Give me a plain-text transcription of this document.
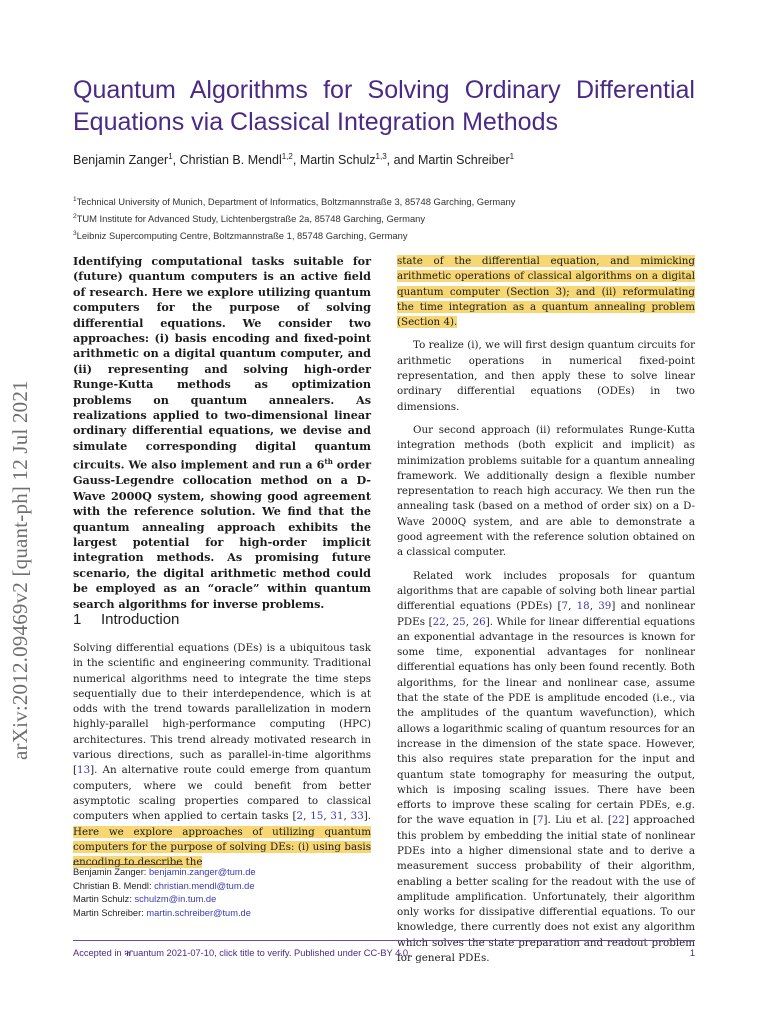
arXiv:2012.09469v2 [quant-ph] 12 Jul 2021
Quantum Algorithms for Solving Ordinary Differential Equations via Classical Integration Methods
Benjamin Zanger$^1$, Christian B. Mendl$^{1,2}$, Martin Schulz$^{1,3}$, and Martin Schreiber$^1$
$^1$Technical University of Munich, Department of Informatics, Boltzmannstraße 3, 85748 Garching, Germany
$^2$TUM Institute for Advanced Study, Lichtenbergstraße 2a, 85748 Garching, Germany
$^3$Leibniz Supercomputing Centre, Boltzmannstraße 1, 85748 Garching, Germany
Identifying computational tasks suitable for (future) quantum computers is an active field of research. Here we explore utilizing quantum computers for the purpose of solving differential equations. We consider two approaches: (i) basis encoding and fixed-point arithmetic on a digital quantum computer, and (ii) representing and solving high-order Runge-Kutta methods as optimization problems on quantum annealers. As realizations applied to two-dimensional linear ordinary differential equations, we devise and simulate corresponding digital quantum circuits. We also implement and run a 6th order Gauss-Legendre collocation method on a D-Wave 2000Q system, showing good agreement with the reference solution. We find that the quantum annealing approach exhibits the largest potential for high-order implicit integration methods. As promising future scenario, the digital arithmetic method could be employed as an “oracle” within quantum search algorithms for inverse problems.
1 Introduction
Solving differential equations (DEs) is a ubiquitous task in the scientific and engineering community. Traditional numerical algorithms need to integrate the time steps sequentially due to their interdependence, which is at odds with the trend towards parallelization in modern highly-parallel high-performance computing (HPC) architectures. This trend already motivated research in various directions, such as parallel-in-time algorithms [13]. An alternative route could emerge from quantum computers, where we could benefit from better asymptotic scaling properties compared to classical computers when applied to certain tasks [2, 15, 31, 33]. Here we explore approaches of utilizing quantum computers for the purpose of solving DEs: (i) using basis encoding to describe the
Benjamin Zanger: benjamin.zanger@tum.de
Christian B. Mendl: christian.mendl@tum.de
Martin Schulz: schulzm@in.tum.de
Martin Schreiber: martin.schreiber@tum.de

state of the differential equation, and mimicking arithmetic operations of classical algorithms on a digital quantum computer (Section 3); and (ii) reformulating the time integration as a quantum annealing problem (Section 4).

To realize (i), we will first design quantum circuits for arithmetic operations in numerical fixed-point representation, and then apply these to solve linear ordinary differential equations (ODEs) in two dimensions.

Our second approach (ii) reformulates Runge-Kutta integration methods (both explicit and implicit) as minimization problems suitable for a quantum annealing framework. We additionally design a flexible number representation to reach high accuracy. We then run the annealing task (based on a method of order six) on a D-Wave 2000Q system, and are able to demonstrate a good agreement with the reference solution obtained on a classical computer.

Related work includes proposals for quantum algorithms that are capable of solving both linear partial differential equations (PDEs) [7, 18, 39] and nonlinear PDEs [22, 25, 26]. While for linear differential equations an exponential advantage in the resources is known for some time, exponential advantages for nonlinear differential equations has only been found recently. Both algorithms, for the linear and nonlinear case, assume that the state of the PDE is amplitude encoded (i.e., via the amplitudes of the quantum wavefunction), which allows a logarithmic scaling of quantum resources for an increase in the dimension of the state space. However, this also requires state preparation for the input and quantum state tomography for measuring the output, which is imposing scaling issues. There have been efforts to improve these scaling for certain PDEs, e.g. for the wave equation in [7]. Liu et al. [22] approached this problem by embedding the initial state of nonlinear PDEs into a higher dimensional state and to derive a measurement success probability of their algorithm, enabling a better scaling for the readout with the use of amplitude amplification. Unfortunately, their algorithm only works for dissipative differential equations. To our knowledge, there currently does not exist any algorithm which solves the state preparation and readout problem for general PDEs.

Accepted in ⶰuantum 2021-07-10, click title to verify. Published under CC-BY 4.0.	1
